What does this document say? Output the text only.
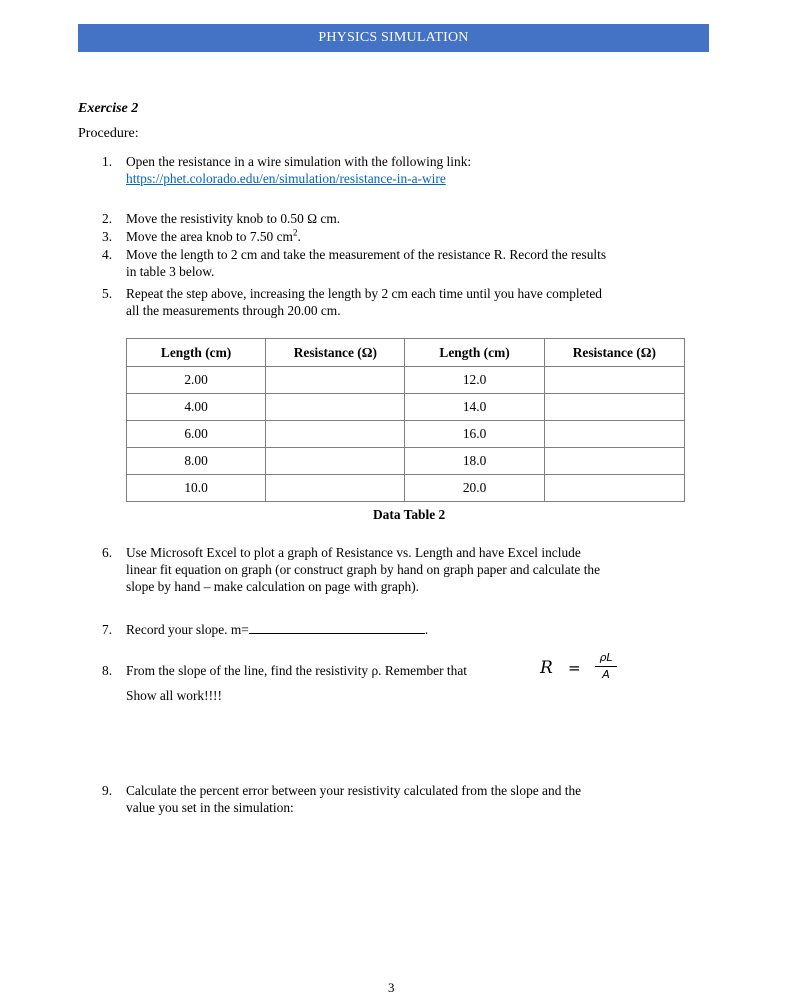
PHYSICS SIMULATION
Exercise 2
Procedure:
1.	Open the resistance in a wire simulation with the following link:
https://phet.colorado.edu/en/simulation/resistance-in-a-wire
2.	Move the resistivity knob to 0.50 Ω cm.
3.	Move the area knob to 7.50 $cm^2$.
4.	Move the length to 2 cm and take the measurement of the resistance R. Record the results
in table 3 below.
5.	Repeat the step above, increasing the length by 2 cm each time until you have completed
all the measurements through 20.00 cm.
Length (cm)	Resistance (Ω)	Length (cm)	Resistance (Ω)
2.00		12.0	
4.00		14.0	
6.00		16.0	
8.00		18.0	
10.0		20.0	
Data Table 2
6.	Use Microsoft Excel to plot a graph of Resistance vs. Length and have Excel include
linear fit equation on graph (or construct graph by hand on graph paper and calculate the
slope by hand – make calculation on page with graph).
7.	Record your slope. m=	.
8.	From the slope of the line, find the resistivity ρ. Remember that
Show all work!!!!
R =
ρL
A
9.	Calculate the percent error between your resistivity calculated from the slope and the
value you set in the simulation:
3
